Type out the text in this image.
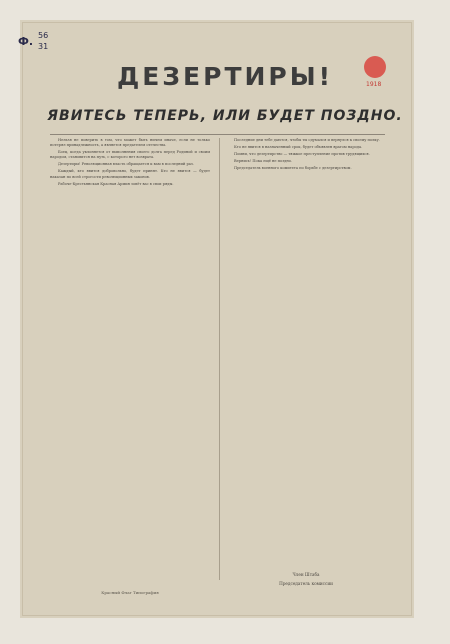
Ф. 56
31
1918
ДЕЗЕРТИРЫ!
ЯВИТЕСЬ ТЕПЕРЬ, ИЛИ БУДЕТ ПОЗДНО.

Нельзя не поверить в том, что может быть ничем иначе, если не только потерял принадлежность, а является предателем отечества.

Боец, когда уклоняется от выполнения своего долга перед Родиной и своим народом, становится на путь, с которого нет возврата.

Дезертиры! Революционная власть обращается к вам в последний раз.

Каждый, кто явится добровольно, будет принят. Кто не явится — будет наказан по всей строгости революционных законов.

Рабоче-Крестьянская Красная Армия зовёт вас в свои ряды.

Последние дни тебе даются, чтобы ты одумался и вернулся к своему полку.

Кто не явится в назначенный срок, будет объявлен врагом народа.

Помни, что дезертирство — тяжкое преступление против трудящихся.

Вернись! Пока ещё не поздно.

Председатель военного комитета по борьбе с дезертирством.

Красный Флаг Типография
Член Штаба
Председатель комиссии
